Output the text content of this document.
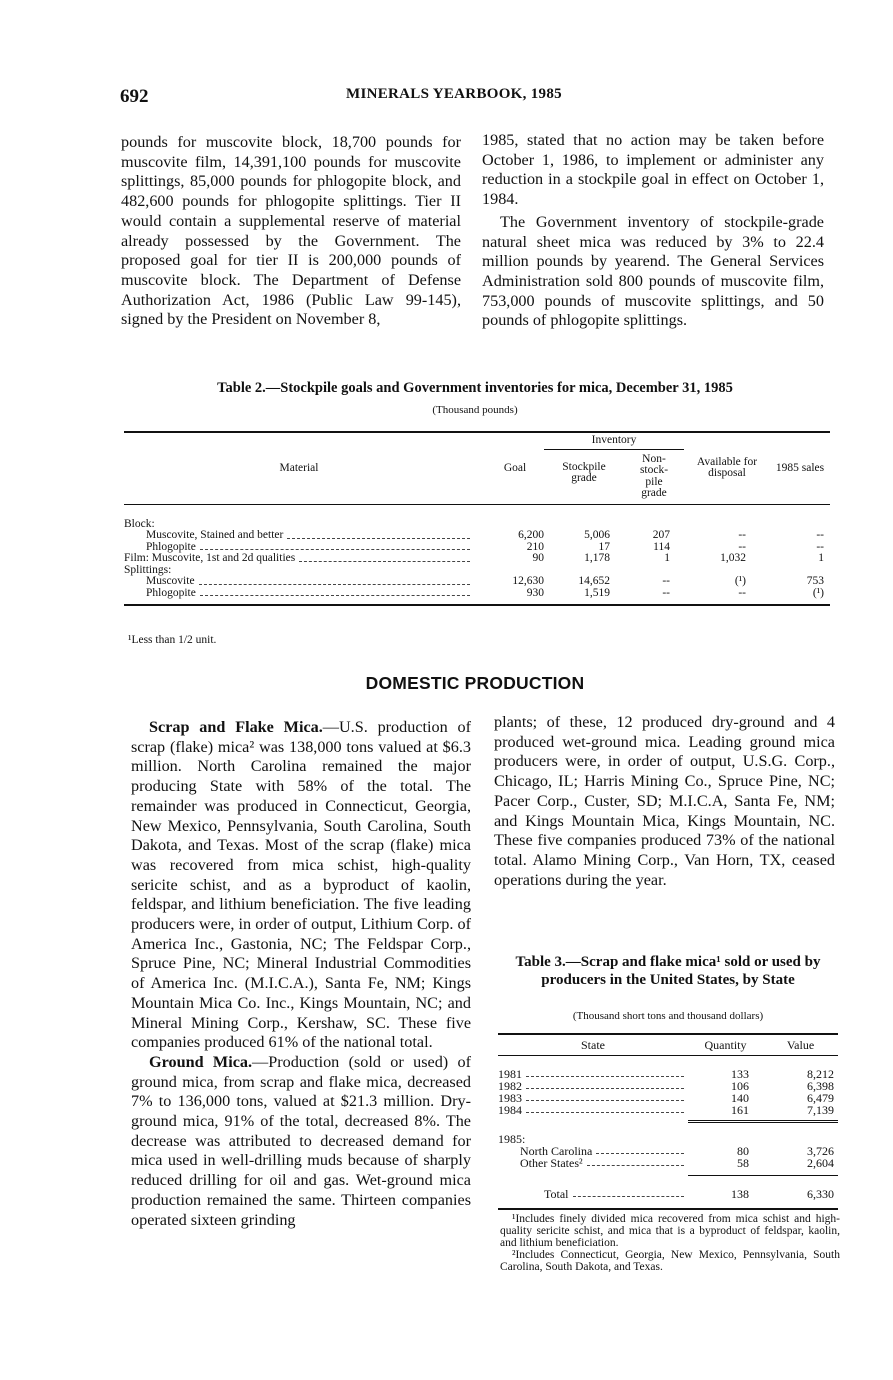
692	MINERALS YEARBOOK, 1985

pounds for muscovite block, 18,700 pounds for muscovite film, 14,391,100 pounds for muscovite splittings, 85,000 pounds for phlogopite block, and 482,600 pounds for phlogopite splittings. Tier II would contain a supplemental reserve of material already possessed by the Government. The proposed goal for tier II is 200,000 pounds of muscovite block. The Department of Defense Authorization Act, 1986 (Public Law 99-145), signed by the President on November 8,

1985, stated that no action may be taken before October 1, 1986, to implement or administer any reduction in a stockpile goal in effect on October 1, 1984.

The Government inventory of stockpile-grade natural sheet mica was reduced by 3% to 22.4 million pounds by yearend. The General Services Administration sold 800 pounds of muscovite film, 753,000 pounds of muscovite splittings, and 50 pounds of phlogopite splittings.

Table 2.—Stockpile goals and Government inventories for mica, December 31, 1985
(Thousand pounds)
Material	Goal	Inventory		Available for disposal	1985 sales
		Stockpile grade	Non-stock-pile grade		

Block:					

Muscovite, Stained and better	6,200	5,006	207	--	--

Phlogopite	210	17	114	--	--

Film: Muscovite, 1st and 2d qualities	90	1,178	1	1,032	1
Splittings:					

Muscovite	12,630	14,652	--	(¹)	753

Phlogopite	930	1,519	--	--	(¹)
¹Less than 1/2 unit.
DOMESTIC PRODUCTION

Scrap and Flake Mica.—U.S. production of scrap (flake) mica² was 138,000 tons valued at $6.3 million. North Carolina remained the major producing State with 58% of the total. The remainder was produced in Connecticut, Georgia, New Mexico, Pennsylvania, South Carolina, South Dakota, and Texas. Most of the scrap (flake) mica was recovered from mica schist, high-quality sericite schist, and as a byproduct of kaolin, feldspar, and lithium beneficiation. The five leading producers were, in order of output, Lithium Corp. of America Inc., Gastonia, NC; The Feldspar Corp., Spruce Pine, NC; Mineral Industrial Commodities of America Inc. (M.I.C.A.), Santa Fe, NM; Kings Mountain Mica Co. Inc., Kings Mountain, NC; and Mineral Mining Corp., Kershaw, SC. These five companies produced 61% of the national total.

Ground Mica.—Production (sold or used) of ground mica, from scrap and flake mica, decreased 7% to 136,000 tons, valued at $21.3 million. Dry-ground mica, 91% of the total, decreased 8%. The decrease was attributed to decreased demand for mica used in well-drilling muds because of sharply reduced drilling for oil and gas. Wet-ground mica production remained the same. Thirteen companies operated sixteen grinding

plants; of these, 12 produced dry-ground and 4 produced wet-ground mica. Leading ground mica producers were, in order of output, U.S.G. Corp., Chicago, IL; Harris Mining Co., Spruce Pine, NC; Pacer Corp., Custer, SD; M.I.C.A, Santa Fe, NM; and Kings Mountain Mica, Kings Mountain, NC. These five companies produced 73% of the national total. Alamo Mining Corp., Van Horn, TX, ceased operations during the year.

Table 3.—Scrap and flake mica¹ sold or used by producers in the United States, by State
(Thousand short tons and thousand dollars)
State	Quantity	Value

1981	133	8,212

1982	106	6,398

1983	140	6,479

1984	161	7,139

1985:		

North Carolina	80	3,726

Other States²	58	2,604

Total	138	6,330
¹Includes finely divided mica recovered from mica schist and high-quality sericite schist, and mica that is a byproduct of feldspar, kaolin, and lithium beneficiation.
²Includes Connecticut, Georgia, New Mexico, Pennsylvania, South Carolina, South Dakota, and Texas.
